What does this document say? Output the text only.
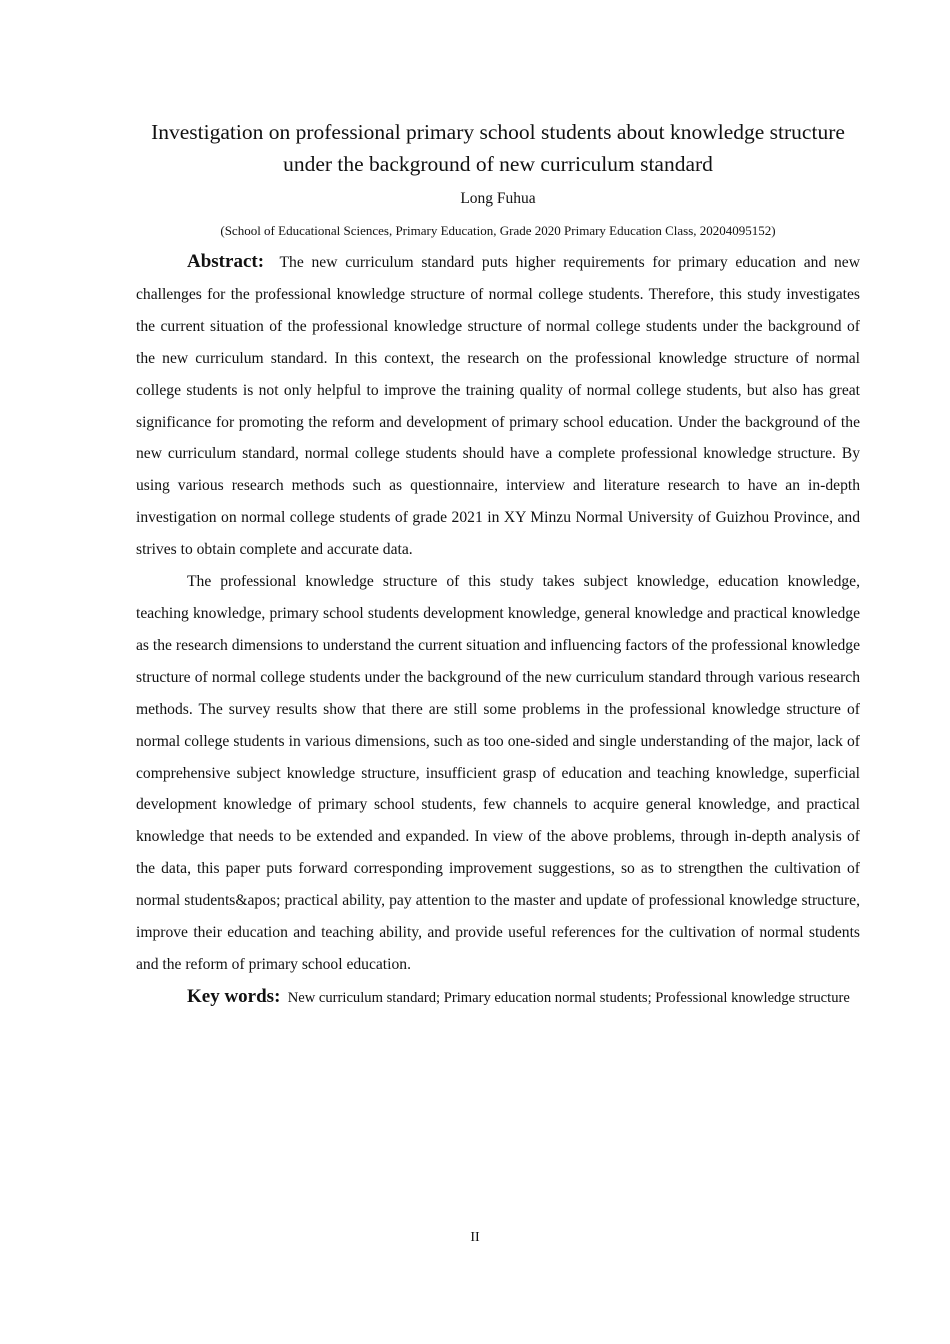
Investigation on professional primary school students about knowledge structure
under the background of new curriculum standard
Long Fuhua
(School of Educational Sciences, Primary Education, Grade 2020 Primary Education Class, 20204095152)

Abstract: The new curriculum standard puts higher requirements for primary education and new challenges for the professional knowledge structure of normal college students. Therefore, this study investigates the current situation of the professional knowledge structure of normal college students under the background of the new curriculum standard. In this context, the research on the professional knowledge structure of normal college students is not only helpful to improve the training quality of normal college students, but also has great significance for promoting the reform and development of primary school education. Under the background of the new curriculum standard, normal college students should have a complete professional knowledge structure. By using various research methods such as questionnaire, interview and literature research to have an in-depth investigation on normal college students of grade 2021 in XY Minzu Normal University of Guizhou Province, and strives to obtain complete and accurate data.

The professional knowledge structure of this study takes subject knowledge, education knowledge, teaching knowledge, primary school students development knowledge, general knowledge and practical knowledge as the research dimensions to understand the current situation and influencing factors of the professional knowledge structure of normal college students under the background of the new curriculum standard through various research methods. The survey results show that there are still some problems in the professional knowledge structure of normal college students in various dimensions, such as too one-sided and single understanding of the major, lack of comprehensive subject knowledge structure, insufficient grasp of education and teaching knowledge, superficial development knowledge of primary school students, few channels to acquire general knowledge, and practical knowledge that needs to be extended and expanded. In view of the above problems, through in-depth analysis of the data, this paper puts forward corresponding improvement suggestions, so as to strengthen the cultivation of normal students&apos; practical ability, pay attention to the master and update of professional knowledge structure, improve their education and teaching ability, and provide useful references for the cultivation of normal students and the reform of primary school education.

Key words: New curriculum standard; Primary education normal students; Professional knowledge structure

II
